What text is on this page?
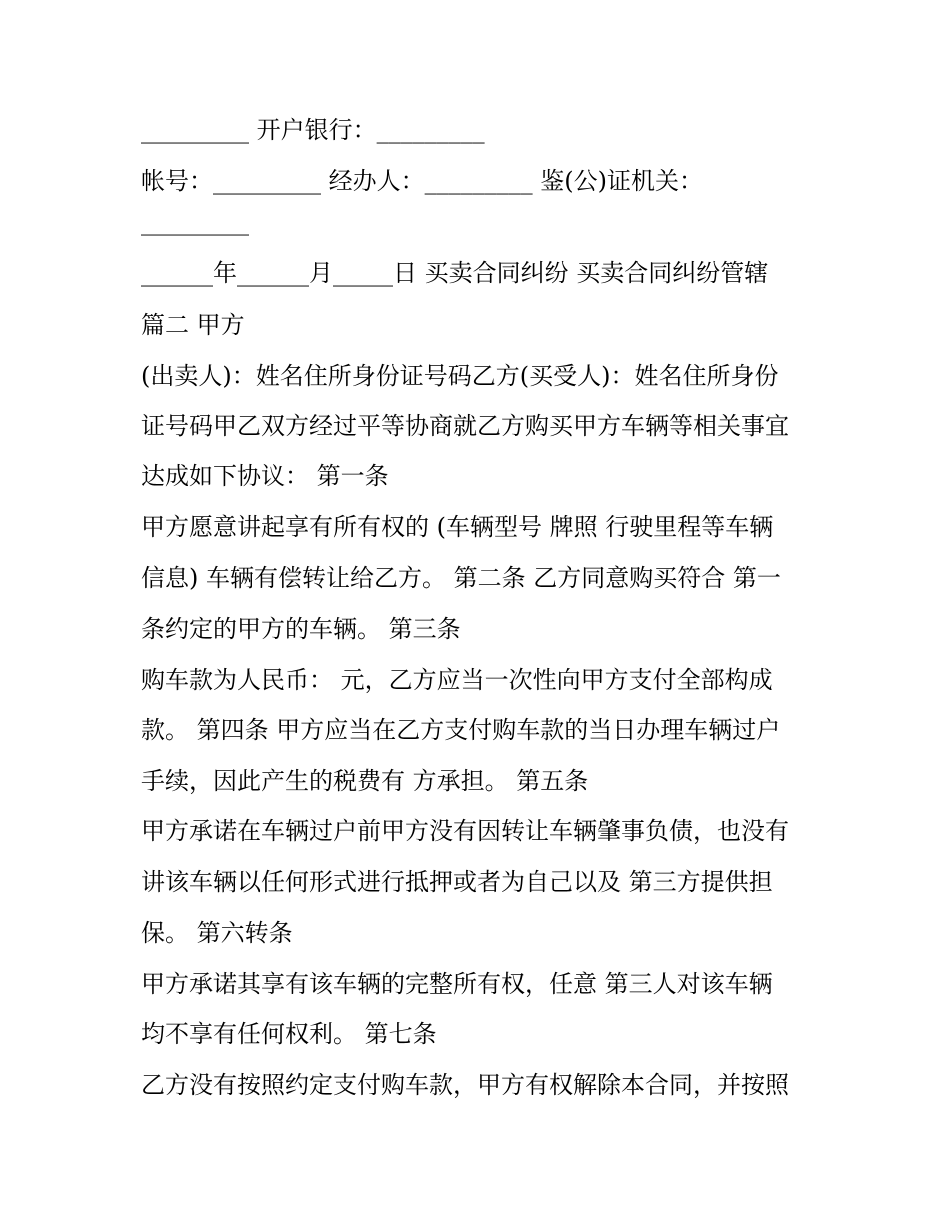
_________ 开户银行：_________
帐号：_________ 经办人：_________ 鉴(公)证机关：
_________
______年______月_____日 买卖合同纠纷 买卖合同纠纷管辖
篇二 甲方
(出卖人)：姓名住所身份证号码乙方(买受人)：姓名住所身份
证号码甲乙双方经过平等协商就乙方购买甲方车辆等相关事宜
达成如下协议： 第一条
甲方愿意讲起享有所有权的 (车辆型号 牌照 行驶里程等车辆
信息) 车辆有偿转让给乙方。 第二条 乙方同意购买符合 第一
条约定的甲方的车辆。 第三条
购车款为人民币： 元，乙方应当一次性向甲方支付全部构成
款。 第四条 甲方应当在乙方支付购车款的当日办理车辆过户
手续，因此产生的税费有 方承担。 第五条
甲方承诺在车辆过户前甲方没有因转让车辆肇事负债，也没有
讲该车辆以任何形式进行抵押或者为自己以及 第三方提供担
保。 第六转条
甲方承诺其享有该车辆的完整所有权，任意 第三人对该车辆
均不享有任何权利。 第七条
乙方没有按照约定支付购车款，甲方有权解除本合同，并按照
